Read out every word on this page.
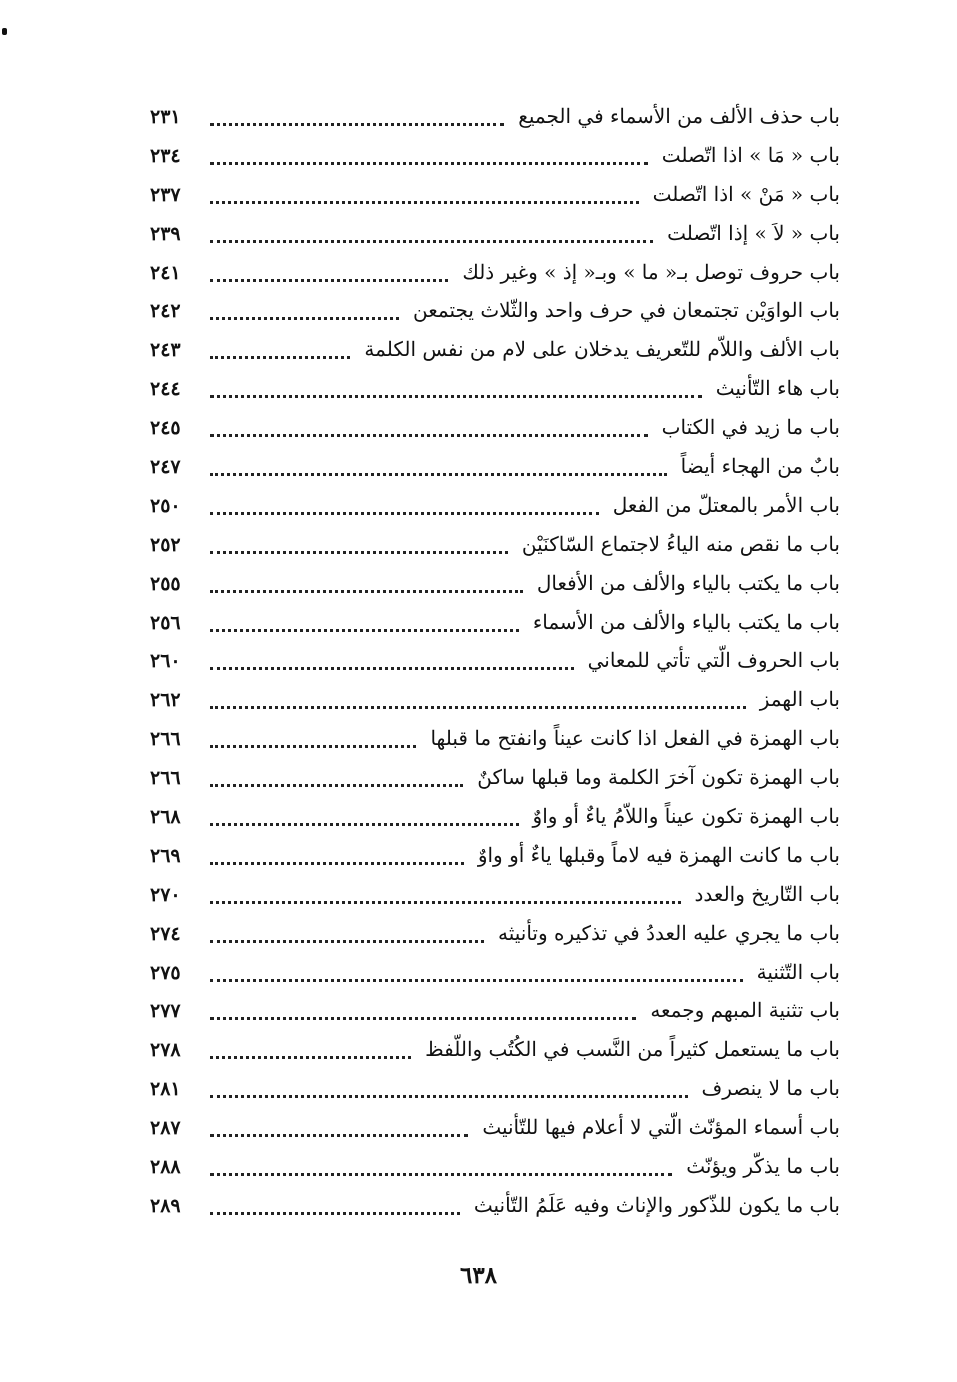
باب حذف الألف من الأسماء في الجميع
٢٣١
باب « مَا » اذا اتّصلت
٢٣٤
باب « مَنْ » اذا اتّصلت
٢٣٧
باب « لاَ » إذا اتّصلت
٢٣٩
باب حروف توصل بـ« ما » وبـ« إذ » وغير ذلك
٢٤١
باب الواوَيْن تجتمعان في حرف واحد والثّلاث يجتمعن
٢٤٢
باب الألف واللاّم للتّعريف يدخلان على لام من نفس الكلمة
٢٤٣
باب هاء التّأنيث
٢٤٤
باب ما زيد في الكتاب
٢٤٥
بابٌ من الهجاء أيضاً
٢٤٧
باب الأمر بالمعتلّ من الفعل
٢٥٠
باب ما نقص منه الياءُ لاجتماع السّاكنَيْن
٢٥٢
باب ما يكتب بالياء والألف من الأفعال
٢٥٥
باب ما يكتب بالياء والألف من الأسماء
٢٥٦
باب الحروف الّتي تأتي للمعاني
٢٦٠
باب الهمز
٢٦٢
باب الهمزة في الفعل اذا كانت عيناً وانفتح ما قبلها
٢٦٦
باب الهمزة تكون آخرَ الكلمة وما قبلها ساكنٌ
٢٦٦
باب الهمزة تكون عيناً واللاّمُ ياءٌ أو واوٌ
٢٦٨
باب ما كانت الهمزة فيه لاماً وقبلها ياءٌ أو واوٌ
٢٦٩
باب التّاريخ والعدد
٢٧٠
باب ما يجري عليه العددُ في تذكيره وتأنيثه
٢٧٤
باب التّثنية
٢٧٥
باب تثنية المبهم وجمعه
٢٧٧
باب ما يستعمل كثيراً من النَّسب في الكُتُب واللّفظ
٢٧٨
باب ما لا ينصرف
٢٨١
باب أسماء المؤنّث الّتي لا أعلام فيها للتّأنيث
٢٨٧
باب ما يذكّر ويؤنّث
٢٨٨
باب ما يكون للذّكور والإناث وفيه عَلَمُ التّأنيث
٢٨٩
٦٣٨
